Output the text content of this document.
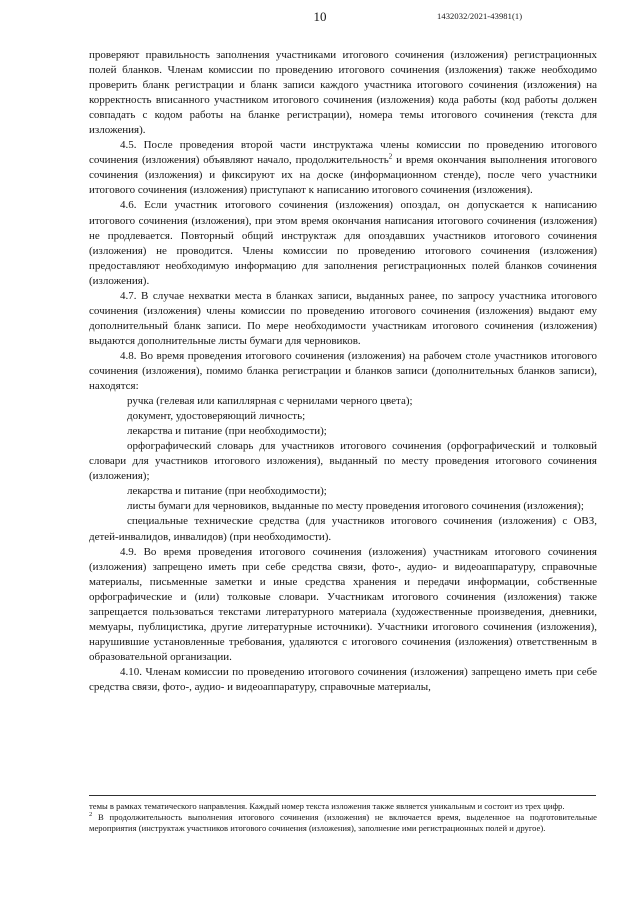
10	1432032/2021-43981(1)

проверяют правильность заполнения участниками итогового сочинения (изложения) регистрационных полей бланков. Членам комиссии по проведению итогового сочинения (изложения) также необходимо проверить бланк регистрации и бланк записи каждого участника итогового сочинения (изложения) на корректность вписанного участником итогового сочинения (изложения) кода работы (код работы должен совпадать с кодом работы на бланке регистрации), номера темы итогового сочинения (текста для изложения).

4.5. После проведения второй части инструктажа члены комиссии по проведению итогового сочинения (изложения) объявляют начало, продолжительность$^2$ и время окончания выполнения итогового сочинения (изложения) и фиксируют их на доске (информационном стенде), после чего участники итогового сочинения (изложения) приступают к написанию итогового сочинения (изложения).

4.6. Если участник итогового сочинения (изложения) опоздал, он допускается к написанию итогового сочинения (изложения), при этом время окончания написания итогового сочинения (изложения) не продлевается. Повторный общий инструктаж для опоздавших участников итогового сочинения (изложения) не проводится. Члены комиссии по проведению итогового сочинения (изложения) предоставляют необходимую информацию для заполнения регистрационных полей бланков сочинения (изложения).

4.7. В случае нехватки места в бланках записи, выданных ранее, по запросу участника итогового сочинения (изложения) члены комиссии по проведению итогового сочинения (изложения) выдают ему дополнительный бланк записи. По мере необходимости участникам итогового сочинения (изложения) выдаются дополнительные листы бумаги для черновиков.

4.8. Во время проведения итогового сочинения (изложения) на рабочем столе участников итогового сочинения (изложения), помимо бланка регистрации и бланков записи (дополнительных бланков записи), находятся:

ручка (гелевая или капиллярная с чернилами черного цвета);

документ, удостоверяющий личность;

лекарства и питание (при необходимости);

орфографический словарь для участников итогового сочинения (орфографический и толковый словари для участников итогового изложения), выданный по месту проведения итогового сочинения (изложения);

лекарства и питание (при необходимости);

листы бумаги для черновиков, выданные по месту проведения итогового сочинения (изложения);

специальные технические средства (для участников итогового сочинения (изложения) с ОВЗ, детей-инвалидов, инвалидов) (при необходимости).

4.9. Во время проведения итогового сочинения (изложения) участникам итогового сочинения (изложения) запрещено иметь при себе средства связи, фото-, аудио- и видеоаппаратуру, справочные материалы, письменные заметки и иные средства хранения и передачи информации, собственные орфографические и (или) толковые словари. Участникам итогового сочинения (изложения) также запрещается пользоваться текстами литературного материала (художественные произведения, дневники, мемуары, публицистика, другие литературные источники). Участники итогового сочинения (изложения), нарушившие установленные требования, удаляются с итогового сочинения (изложения) ответственным в образовательной организации.

4.10. Членам комиссии по проведению итогового сочинения (изложения) запрещено иметь при себе средства связи, фото-, аудио- и видеоаппаратуру, справочные материалы,

темы в рамках тематического направления. Каждый номер текста изложения также является уникальным и состоит из трех цифр.

$^2$ В продолжительность выполнения итогового сочинения (изложения) не включается время, выделенное на подготовительные мероприятия (инструктаж участников итогового сочинения (изложения), заполнение ими регистрационных полей и другое).
